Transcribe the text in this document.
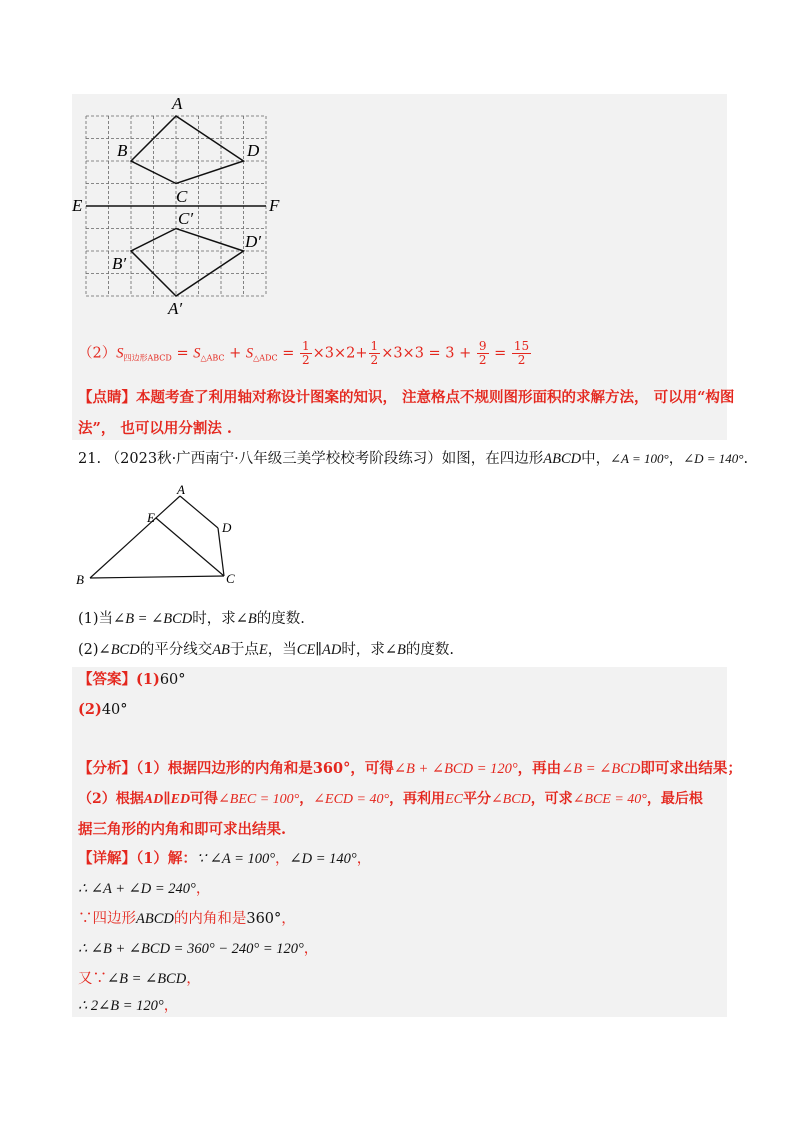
A
B	D
C
E	F
C′
D′
B′
A′
$(2)S_{四边形ABCD} = S_{\triangle ABC} + S_{\triangle ADC} = \frac{1}{2} \times 3\times 2+ \frac{1}{2} \times 3\times 3 = 3 + \frac{9}{2} = \frac{15}{2}$
【点睛】本题考查了利用轴对称设计图案的知识， 注意格点不规则图形面积的求解方法， 可以用“构图
法”， 也可以用分割法 .
21. （2023秋·广西南宁·八年级三美学校校考阶段练习）如图，在四边形ABCD中，∠A = 100°，∠D = 140°.
A
E
D
B	C
(1)当∠B = ∠BCD时，求∠B的度数.
(2)∠BCD的平分线交AB于点E，当CE∥AD时，求∠B的度数.
【答案】(1)60°
(2)40°
【分析】（1）根据四边形的内角和是360°，可得∠B + ∠BCD = 120°，再由∠B = ∠BCD即可求出结果；
（2）根据AD∥ED可得∠BEC = 100°，∠ECD = 40°，再利用EC平分∠BCD，可求∠BCE = 40°，最后根
据三角形的内角和即可求出结果.
【详解】（1）解：∵ ∠A = 100°，∠D = 140°，
∴ ∠A + ∠D = 240°，
∵四边形ABCD的内角和是360°，
∴ ∠B + ∠BCD = 360° − 240° = 120°，
又∵∠B = ∠BCD，
∴ 2∠B = 120°，
